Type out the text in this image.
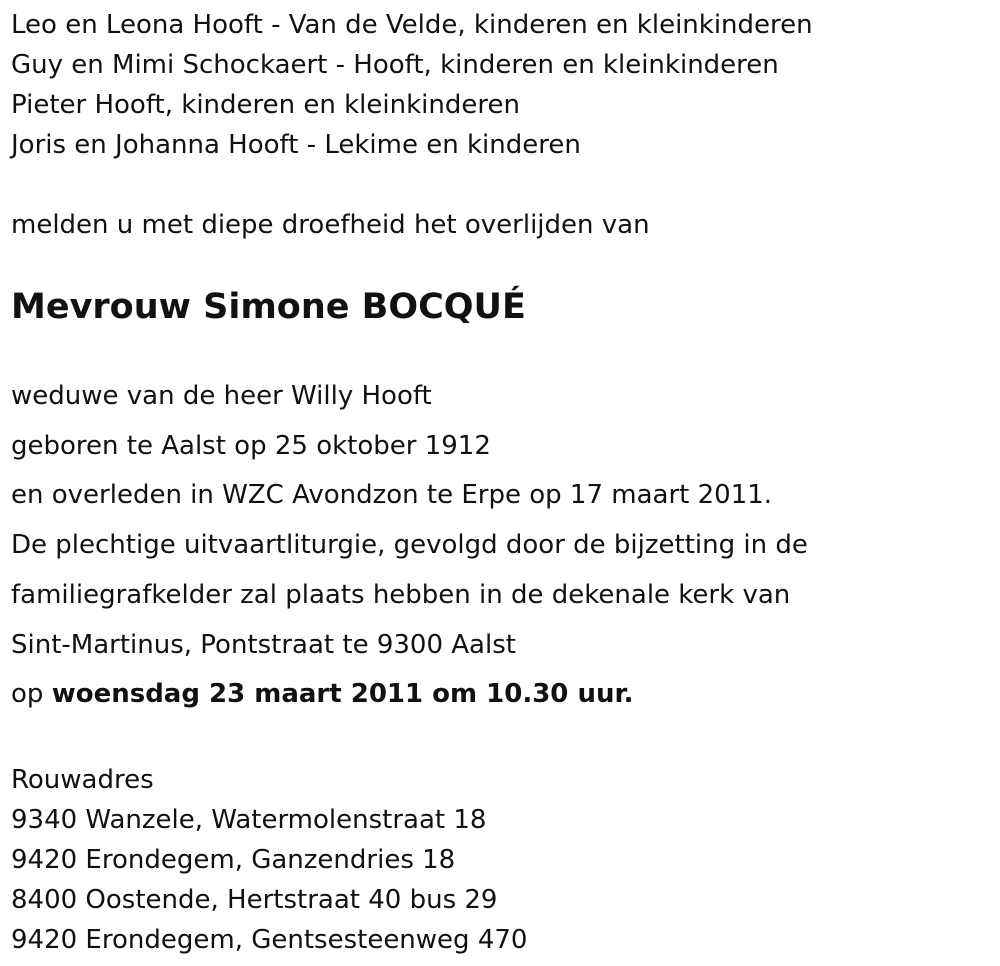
Leo en Leona Hooft - Van de Velde, kinderen en kleinkinderen

Guy en Mimi Schockaert - Hooft, kinderen en kleinkinderen

Pieter Hooft, kinderen en kleinkinderen

Joris en Johanna Hooft - Lekime en kinderen

melden u met diepe droefheid het overlijden van

Mevrouw Simone BOCQUÉ

weduwe van de heer Willy Hooft

geboren te Aalst op 25 oktober 1912

en overleden in WZC Avondzon te Erpe op 17 maart 2011.

De plechtige uitvaartliturgie, gevolgd door de bijzetting in de

familiegrafkelder zal plaats hebben in de dekenale kerk van

Sint-Martinus, Pontstraat te 9300 Aalst

op woensdag 23 maart 2011 om 10.30 uur.

Rouwadres

9340 Wanzele, Watermolenstraat 18

9420 Erondegem, Ganzendries 18

8400 Oostende, Hertstraat 40 bus 29

9420 Erondegem, Gentsesteenweg 470
